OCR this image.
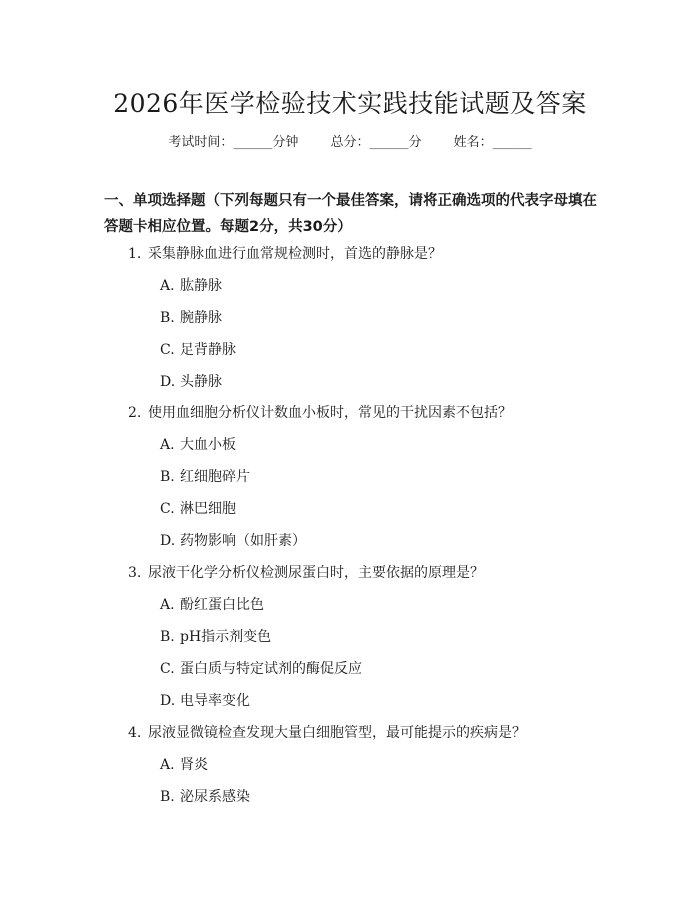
2026年医学检验技术实践技能试题及答案
考试时间：______分钟 总分：______分 姓名：______
一、单项选择题（下列每题只有一个最佳答案，请将正确选项的代表字母填在答题卡相应位置。每题2分，共30分）
1. 采集静脉血进行血常规检测时，首选的静脉是？
A. 肱静脉
B. 腕静脉
C. 足背静脉
D. 头静脉
2. 使用血细胞分析仪计数血小板时，常见的干扰因素不包括？
A. 大血小板
B. 红细胞碎片
C. 淋巴细胞
D. 药物影响（如肝素）
3. 尿液干化学分析仪检测尿蛋白时，主要依据的原理是？
A. 酚红蛋白比色
B. pH指示剂变色
C. 蛋白质与特定试剂的酶促反应
D. 电导率变化
4. 尿液显微镜检查发现大量白细胞管型，最可能提示的疾病是？
A. 肾炎
B. 泌尿系感染
